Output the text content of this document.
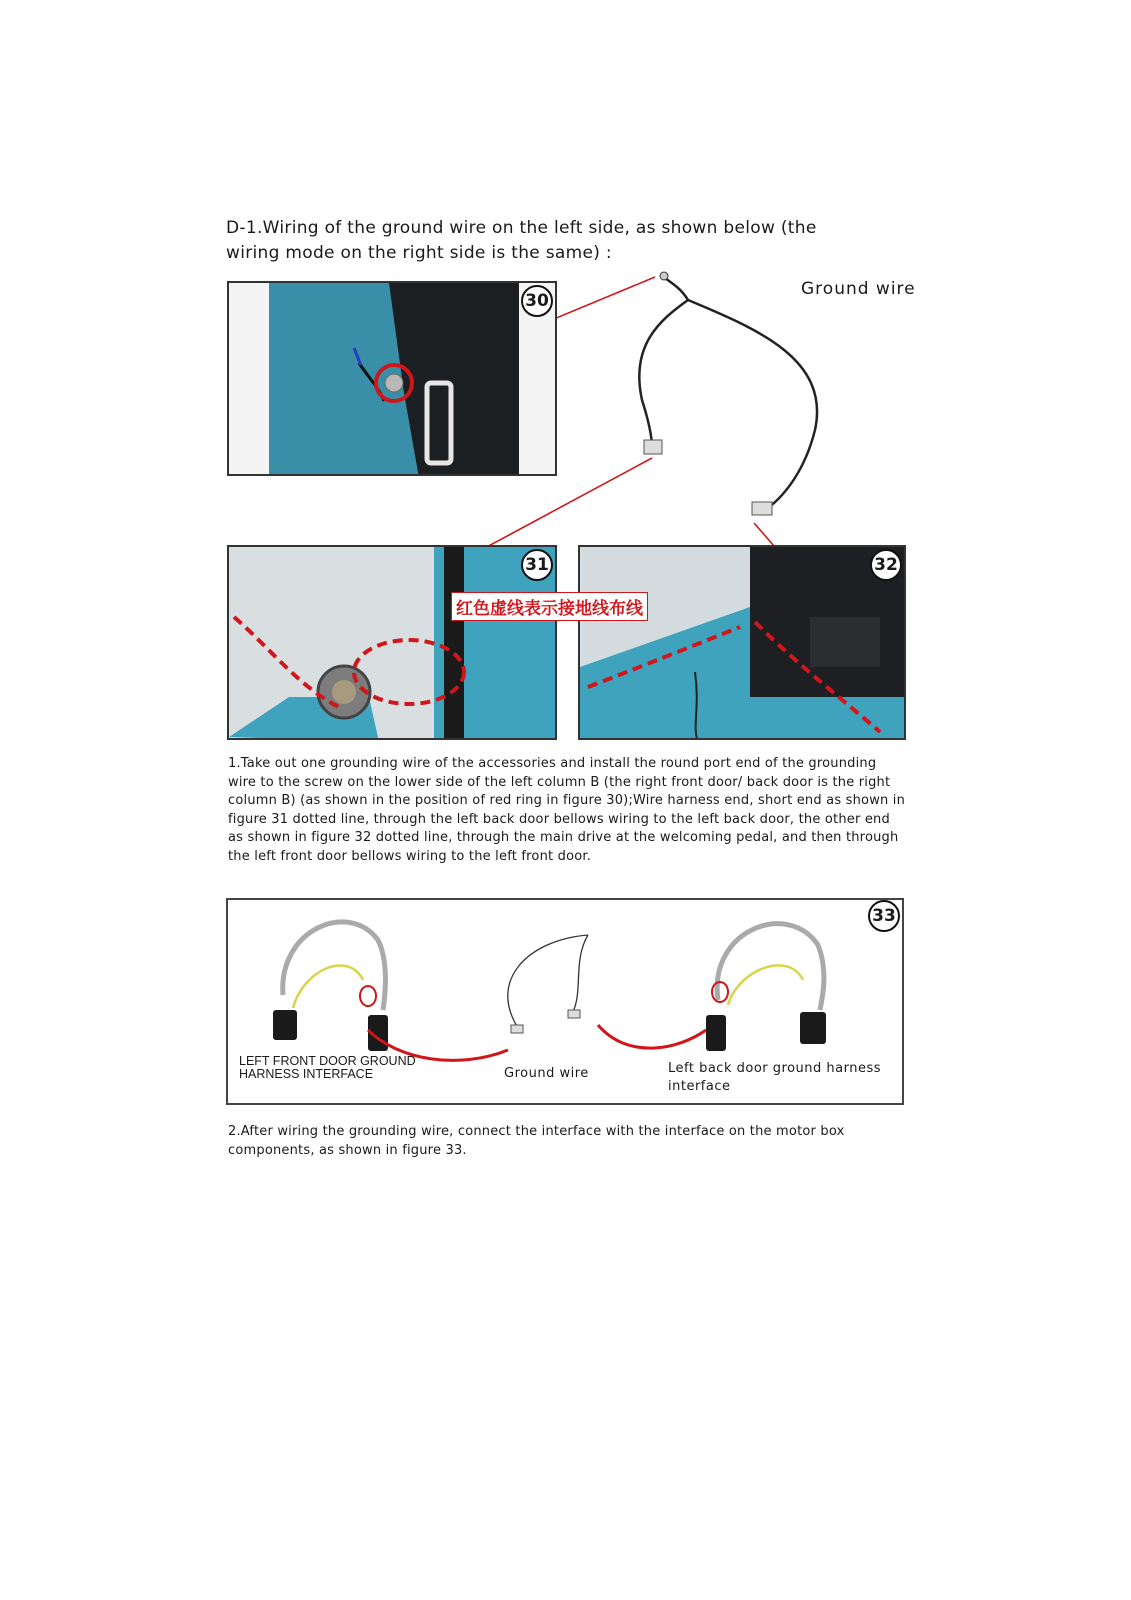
D-1.Wiring of the ground wire on the left side, as shown below (the
wiring mode on the right side is the same) :
Ground wire
30
31	32
红色虚线表示接地线布线
1.Take out one grounding wire of the accessories and install the round port end of the grounding wire to the screw on the lower side of the left column B (the right front door/ back door is the right column B) (as shown in the position of red ring in figure 30);Wire harness end, short end as shown in figure 31 dotted line, through the left back door bellows wiring to the left back door, the other end as shown in figure 32 dotted line, through the main drive at the welcoming pedal, and then through the left front door bellows wiring to the left front door.
33
LEFT FRONT DOOR GROUND HARNESS INTERFACE	Ground wire	Left back door ground harness interface
2.After wiring the grounding wire, connect the interface with the interface on the motor box components, as shown in figure 33.
